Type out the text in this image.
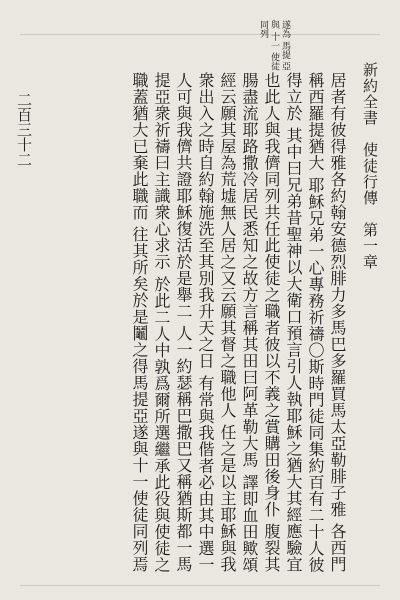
新約全書　使徒行傳　第一章
二百三十二
遂為 馬提 亞與 十一 使徒 同列
居者有彼得雅各約翰安德烈腓力多馬巴多羅買馬太亞勒腓子雅 各西門稱西羅提猶大 耶穌兄弟一心專務祈禱〇斯時門徒同集約百有二十人彼得立於 其中曰兄弟昔聖神以大衛口預言引人執耶穌之猶大其經應驗宜 也此人與我儕同列共任此使徒之職者彼以不義之賞購田後身仆 腹裂其腸盡流耶路撒冷居民悉知之故方言稱其田曰阿革勒大馬 譯即血田歟頌經云願其屋為荒墟無人居之又云願其督之職他人 任之是以主耶穌與我衆出入之時自約翰施洗至其別我升天之日 有常與我偕者必由其中選一人可與我儕共證耶穌復活於是舉二 人一約瑟稱巴撒巴又稱猶斯都一馬提亞衆祈禱曰主識衆心求示 於此二人中孰爲爾所選繼承此役與使徒之職蓋猶大已棄此職而 往其所矣於是鬮之得馬提亞遂與十一使徒同列焉
